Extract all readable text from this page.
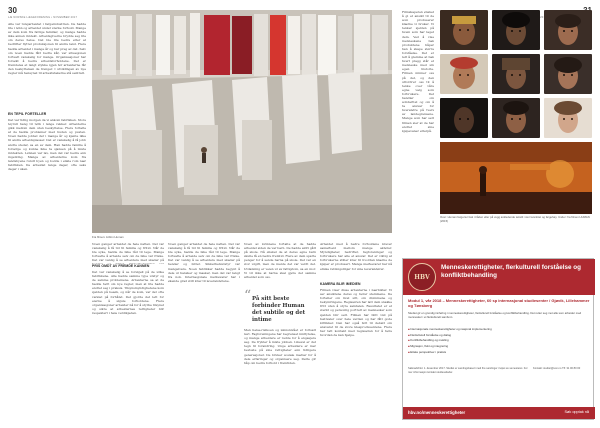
30
LÆ NORSKE LÆGEFORENING • NOVEMBER 2017
Alle var tungarbeidet i fargeindustrien. De hadde lite i lønn og arbeidet under sterke forhold. Mange av dem kom fra fattige familier, og mange hadde ikke annen inntekt. Arbeidsgiverne brydde seg lite om deres helse. Det ble lite bedre etter at bedrifter flyttet produksjonen til andre land. Flere hadde arbeidet i mange år og bar preg av det. Selv om noen hadde fått bedre kår, var situasjonen fortsatt vanskelig for mange. Organisasjoner har forsøkt å bedre arbeidsforholdene. Det er fremdeles et langt stykke igjen før arbeiderne får den beskyttelsen de trenger. I utviklingen av nye regler må hensynet til arbeidstakerne stå sentralt.
EN TEPIL FORTELLER
Det var tidlig morgen da vi ankom fabrikken. Store tøyrull hang til tørk i lange rekker. Arbeiderne gikk mellom dem uten beskyttelse. Flere fortalte at de hadde problemer med huden og pusten. Noen hadde jobbet der i mange år og kjente ikke til andre arbeidsplasser. Det er vanskelig å få jobb andre steder, sa en av dem. Han hadde familie å forsørge og kunne ikke ta sjansen på å miste inntekten. Lønnen var lav, men det var bedre enn ingenting. Mange av arbeiderne kom fra landsbyene rundt byen og bodde i enkle rom nær fabrikken. De arbeidet lange dager, ofte seks dager i uken.
Fra filmen: Anfinn Human
Noen ganger arbeidet de hele natten. Det var vanskelig å få tid til familie og fritid. Når de ble syke, hadde de ikke råd til lege. Mange fortsatte å arbeide selv om de ikke var friske. Det var vanlig å se arbeidere med skader på
PRIS OMDT AV FREMDE KANNEN
Det var vanskelig å se forskjell på de ulike fabrikkene. Alle hadde samme type utstyr og de samme problemene. Arbeiderne sa at de hadde hørt om nye regler, men at lite hadde endret seg i praksis. Tilsynsmyndighetene kom sjelden på besøk, og når de kom, var det ofte varslet på forhånd. Det gjorde det lett for eierne å skjule forholdene. Flere organisasjoner arbeider nå for å styrke tilsynet og sikre at arbeidernes rettigheter blir respektert i hele verdikjeden.
Noen ganger arbeidet de hele natten. Det var vanskelig å få tid til familie og fritid. Når de ble syke, hadde de ikke råd til lege. Mange fortsatte å arbeide selv om de ikke var friske. Det var vanlig å se arbeidere med skader på hender og føtter. Sikkerhetsutstyr var mangelvare. Noen fabrikker hadde begynt å dele ut hansker og masker, men det var langt fra nok. Internasjonale merkevarer har i økende grad stilt krav til leverandørene.
Noen av kvinnene fortalte at de hadde arbeidet siden de var barn. De hadde aldri gått på skole. Nå ønsket de at deres egne barn skulle få en bedre fremtid. Flere av dem sparte penger for å sende barna på skole. Det var en stor utgift, men de mente det var verdt det. Utdanning er veien ut av fattigdom, sa en mor. Vi vil ikke at barna skal gjøre det samme arbeidet som oss.
“ På sitt beste forbinder Human det subtile og det intime
Men helse-risikoen og lønnsnivået er fortsatt lavt. Fagforeningene har begrenset innflytelse, og mange arbeidere er redde for å engasjere seg. De frykter å miste jobben. Likevel er det tegn til forandring. Unge arbeidere er mer bevisste på sine rettigheter enn tidligere generasjoner. De bruker sosiale medier for å dele erfaringer og organisere seg. Dette gir håp om bedre forhold i fremtiden.
Arbeidet med å bedre forholdene krever samarbeid mellom mange aktører. Myndigheter, bedrifter, fagforeninger og forbrukere har alle et ansvar. Det er viktig at forbrukerne stiller krav til hvordan klærne de kjøper er produsert. Mange merkevarer har nå etiske retningslinjer for sine leverandører.
KAMERA BLIR IMEDIEN
Filmen viser disse arbeiderne i nærbilder. Vi ser ansiktene deres og hører stemmene. De forteller om livet sitt, om drømmene og bekymringene. Regissøren har latt dem snakke fritt uten å styre samtalen. Resultatet er et sterkt og personlig portrett av mennesker som sjelden blir sett. Filmen har blitt vist på festivaler over hele verden og har fått gode kritikker. Den har også ført til debatt om ansvaret til de store klesprodusentene. Flere har tatt kontakt med regissøren for å høre hvordan de kan hjelpe.
2017
Filmskaperen ønsket å gi et ansikt til de som produserer klærne vi bruker. Vi tenker sjelden på hvem som har laget dem. Ved å vise menneskene bak produktene håper han å skape større forståelse. Det er lett å glemme at bak hvert plagg står et menneske med sin egen historie. Filmen minner oss på det, og den utfordrer oss til å tenke over våre egne valg som forbrukere. Det handler om solidaritet og om å ta ansvar for hverandre på tvers av landegrensene. Mange som har sett filmen sier at de har endret sine kjøpevaner etterpå.
Over: Human fargerier bak i tråden eller på vegg avkledende tekstil i stor kvantitet og fargehøy. Under: fra filmen HUMAN (2015)
HBV
Menneskerettigheter, flerkulturell forståelse og konfliktbehandling
Modul 1, vår 2018 – Menneskerettigheter, 60 sp internasjonal studiesenter / Gjøvik, Lillehammer og Tønsberg
Studiet gir en grundig innføring i menneskerettigheter, flerkulturell forståelse og konfliktbehandling. Det retter seg mot alle som arbeider med mennesker i et flerkulturelt samfunn.
■ Internasjonale menneskerettigheter og nasjonal implementering
■ Flerkulturell forståelse og dialog
■ Konfliktbehandling og mekling
■ Migrasjon, flukt og integrering
■ Etiske perspektiver i praksis
Søknadsfrist: 1. desember 2017. Studiet er samlingsbasert med fire samlinger i løpet av semesteret. For mer informasjon kontakt studieveileder.
Kontakt: studier@usn.no Tlf: 31 00 80 00
hbv.no/menneskerettigheter	Søk opptak nå
